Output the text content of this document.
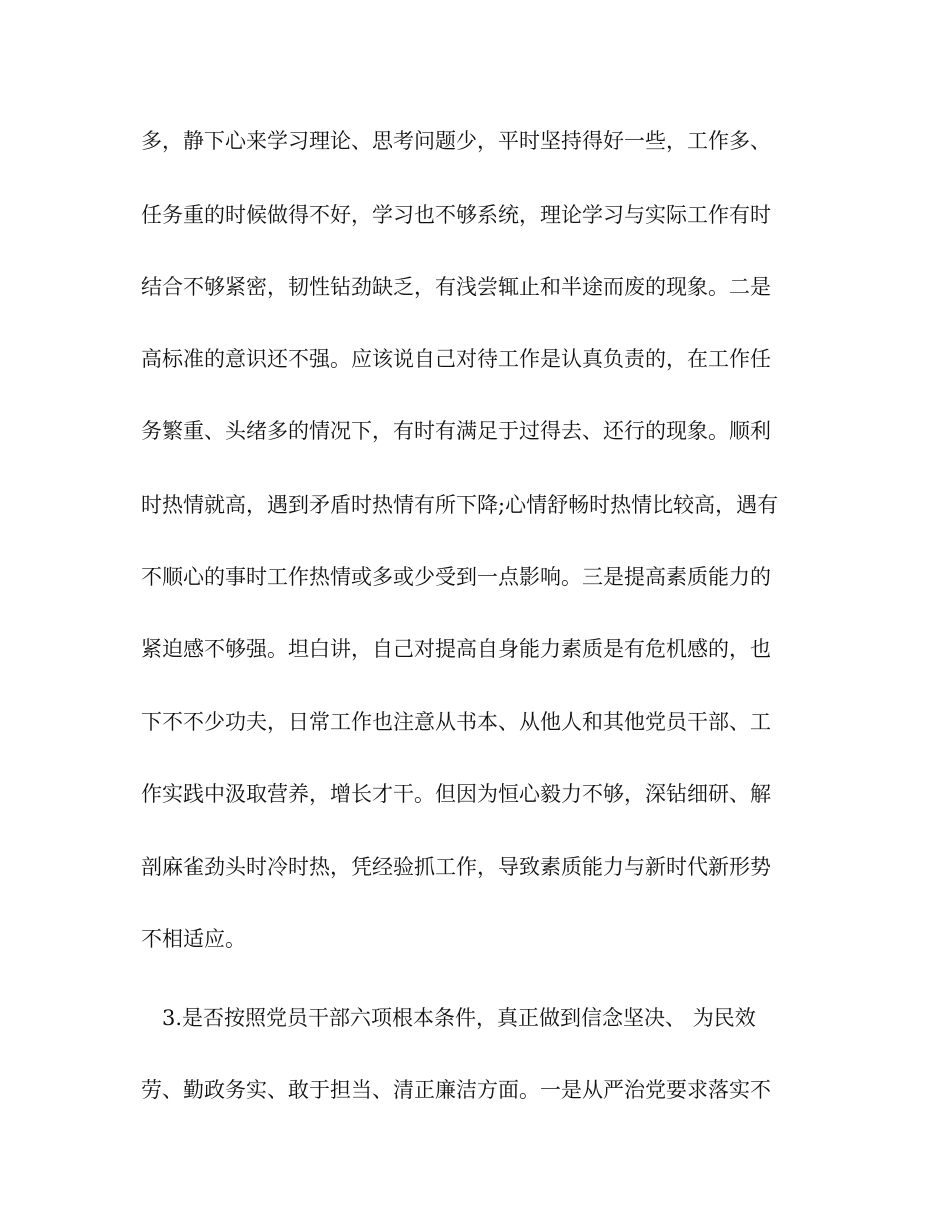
多，静下心来学习理论、思考问题少，平时坚持得好一些，工作多、

任务重的时候做得不好，学习也不够系统，理论学习与实际工作有时

结合不够紧密，韧性钻劲缺乏，有浅尝辄止和半途而废的现象。二是

高标准的意识还不强。应该说自己对待工作是认真负责的，在工作任

务繁重、头绪多的情况下，有时有满足于过得去、还行的现象。顺利

时热情就高，遇到矛盾时热情有所下降;心情舒畅时热情比较高，遇有

不顺心的事时工作热情或多或少受到一点影响。三是提高素质能力的

紧迫感不够强。坦白讲，自己对提高自身能力素质是有危机感的，也

下不不少功夫，日常工作也注意从书本、从他人和其他党员干部、工

作实践中汲取营养，增长才干。但因为恒心毅力不够，深钻细研、解

剖麻雀劲头时冷时热，凭经验抓工作，导致素质能力与新时代新形势

不相适应。

3.是否按照党员干部六项根本条件，真正做到信念坚决、 为民效

劳、勤政务实、敢于担当、清正廉洁方面。一是从严治党要求落实不
